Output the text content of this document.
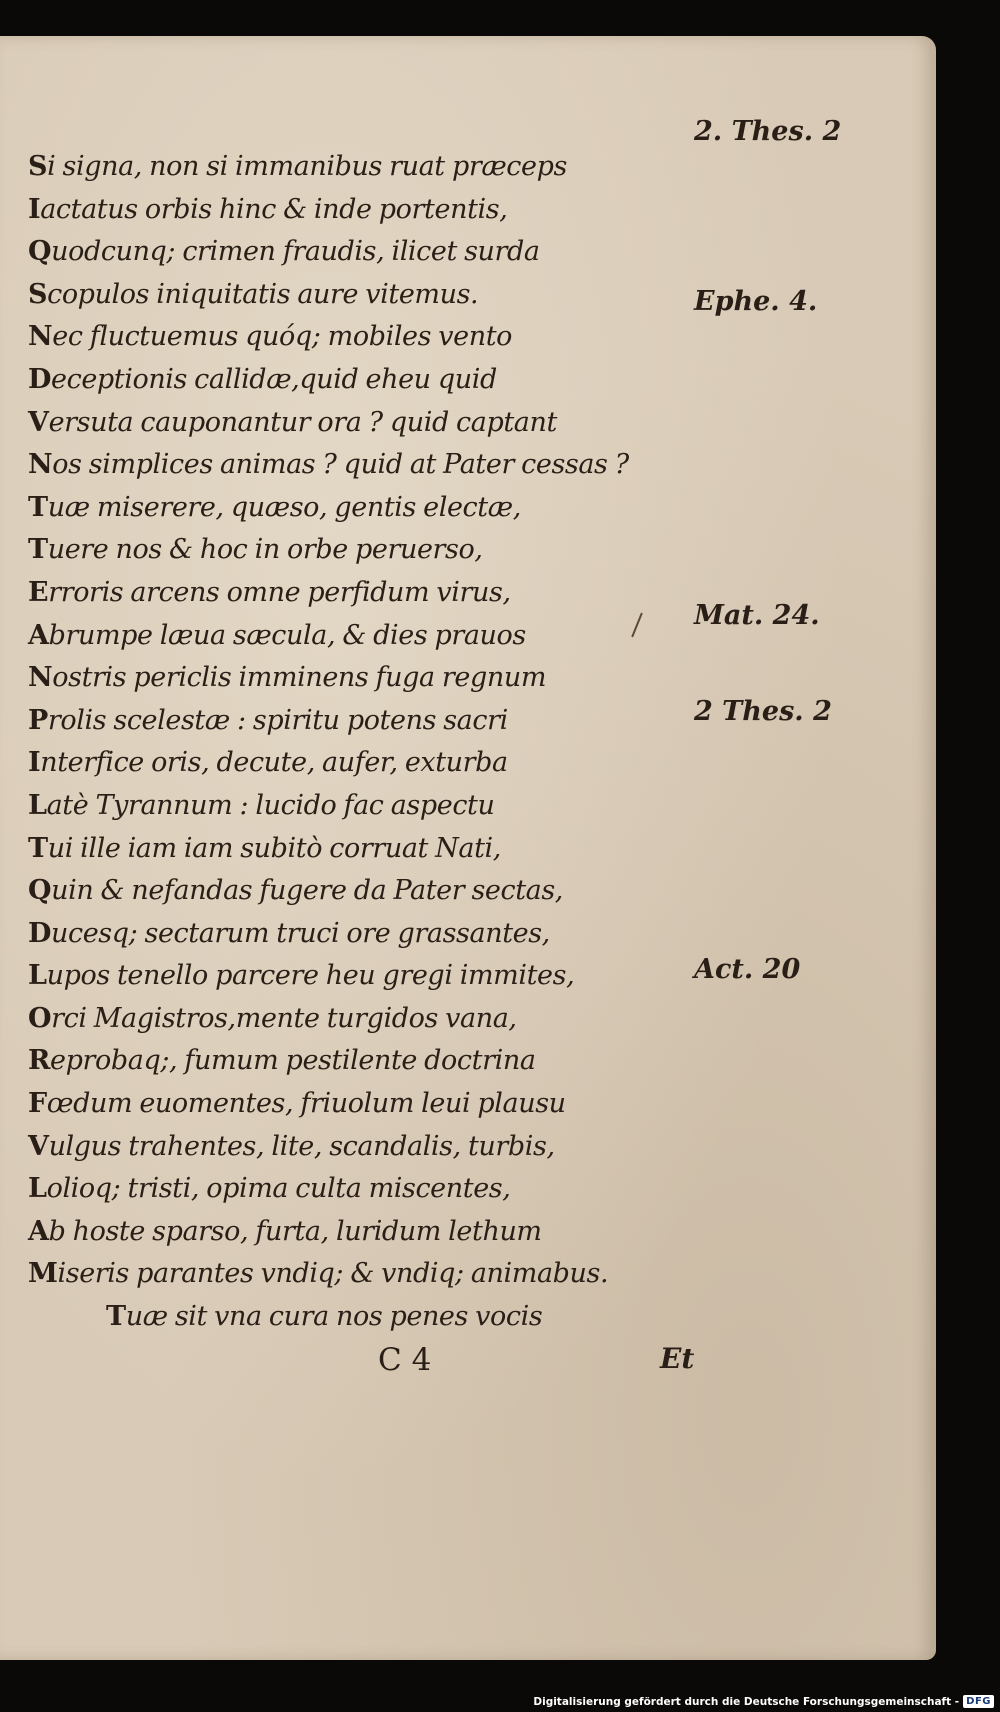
Si signa, non si immanibus ruat præceps
Iactatus orbis hinc & inde portentis,
Quodcunq; crimen fraudis, ilicet surda
Scopulos iniquitatis aure vitemus.
Nec fluctuemus quóq; mobiles vento
Deceptionis callidæ,quid eheu quid
Versuta cauponantur ora ? quid captant
Nos simplices animas ? quid at Pater cessas ?
Tuæ miserere, quæso, gentis electæ,
Tuere nos & hoc in orbe peruerso,
Erroris arcens omne perfidum virus,
Abrumpe læua sæcula, & dies prauos
Nostris periclis imminens fuga regnum
Prolis scelestæ : spiritu potens sacri
Interfice oris, decute, aufer, exturba
Latè Tyrannum : lucido fac aspectu
Tui ille iam iam subitò corruat Nati,
Quin & nefandas fugere da Pater sectas,
Ducesq; sectarum truci ore grassantes,
Lupos tenello parcere heu gregi immites,
Orci Magistros,mente turgidos vana,
Reprobaq;, fumum pestilente doctrina
Fœdum euomentes, friuolum leui plausu
Vulgus trahentes, lite, scandalis, turbis,
Lolioq; tristi, opima culta miscentes,
Ab hoste sparso, furta, luridum lethum
Miseris parantes vndiq; & vndiq; animabus.
Tuæ sit vna cura nos penes vocis
2. Thes. 2
Ephe. 4.
Mat. 24.
2 Thes. 2
Act. 20
C 4	Et
Digitalisierung gefördert durch die Deutsche Forschungsgemeinschaft - DFG
